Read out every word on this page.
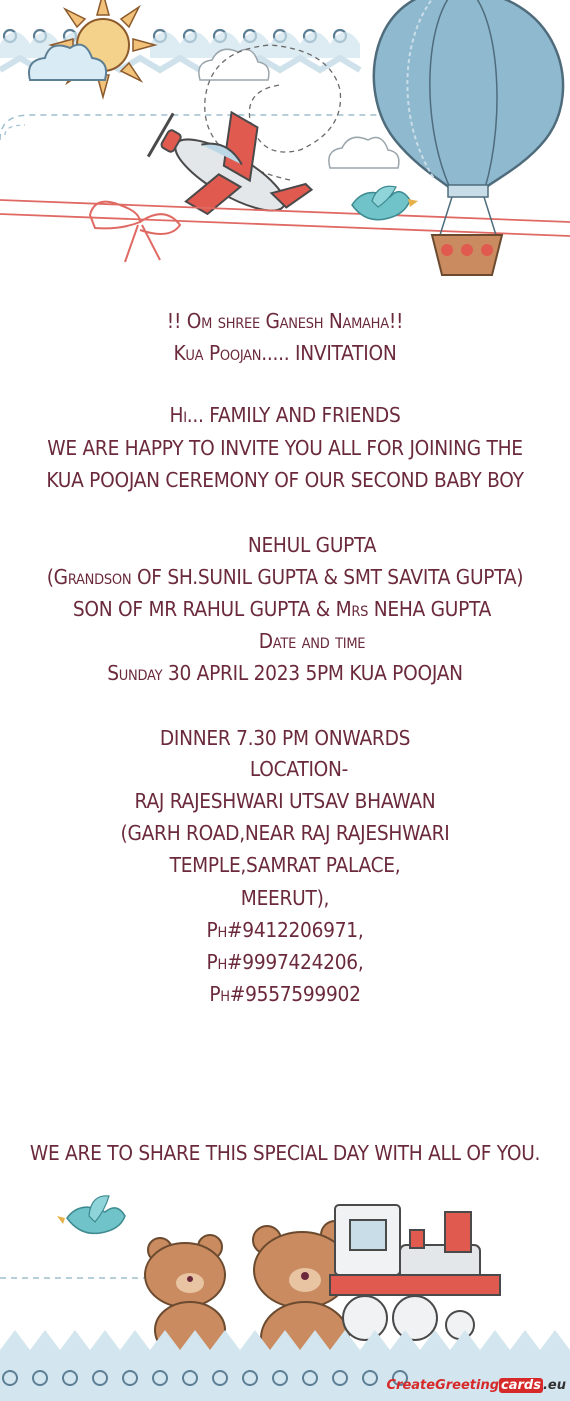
!! Om shree Ganesh Namaha!!
Kua Poojan..... INVITATION
Hi... FAMILY AND FRIENDS
WE ARE HAPPY TO INVITE YOU ALL FOR JOINING THE
KUA POOJAN CEREMONY OF OUR SECOND BABY BOY
NEHUL GUPTA
(Grandson OF SH.SUNIL GUPTA & SMT SAVITA GUPTA)
SON OF MR RAHUL GUPTA & Mrs NEHA GUPTA
Date and time
Sunday 30 APRIL 2023 5PM KUA POOJAN
DINNER 7.30 PM ONWARDS
LOCATION-
RAJ RAJESHWARI UTSAV BHAWAN
(GARH ROAD,NEAR RAJ RAJESHWARI
TEMPLE,SAMRAT PALACE,
MEERUT),
Ph#9412206971,
Ph#9997424206,
Ph#9557599902
WE ARE TO SHARE THIS SPECIAL DAY WITH ALL OF YOU.
CreateGreeting cards .eu
